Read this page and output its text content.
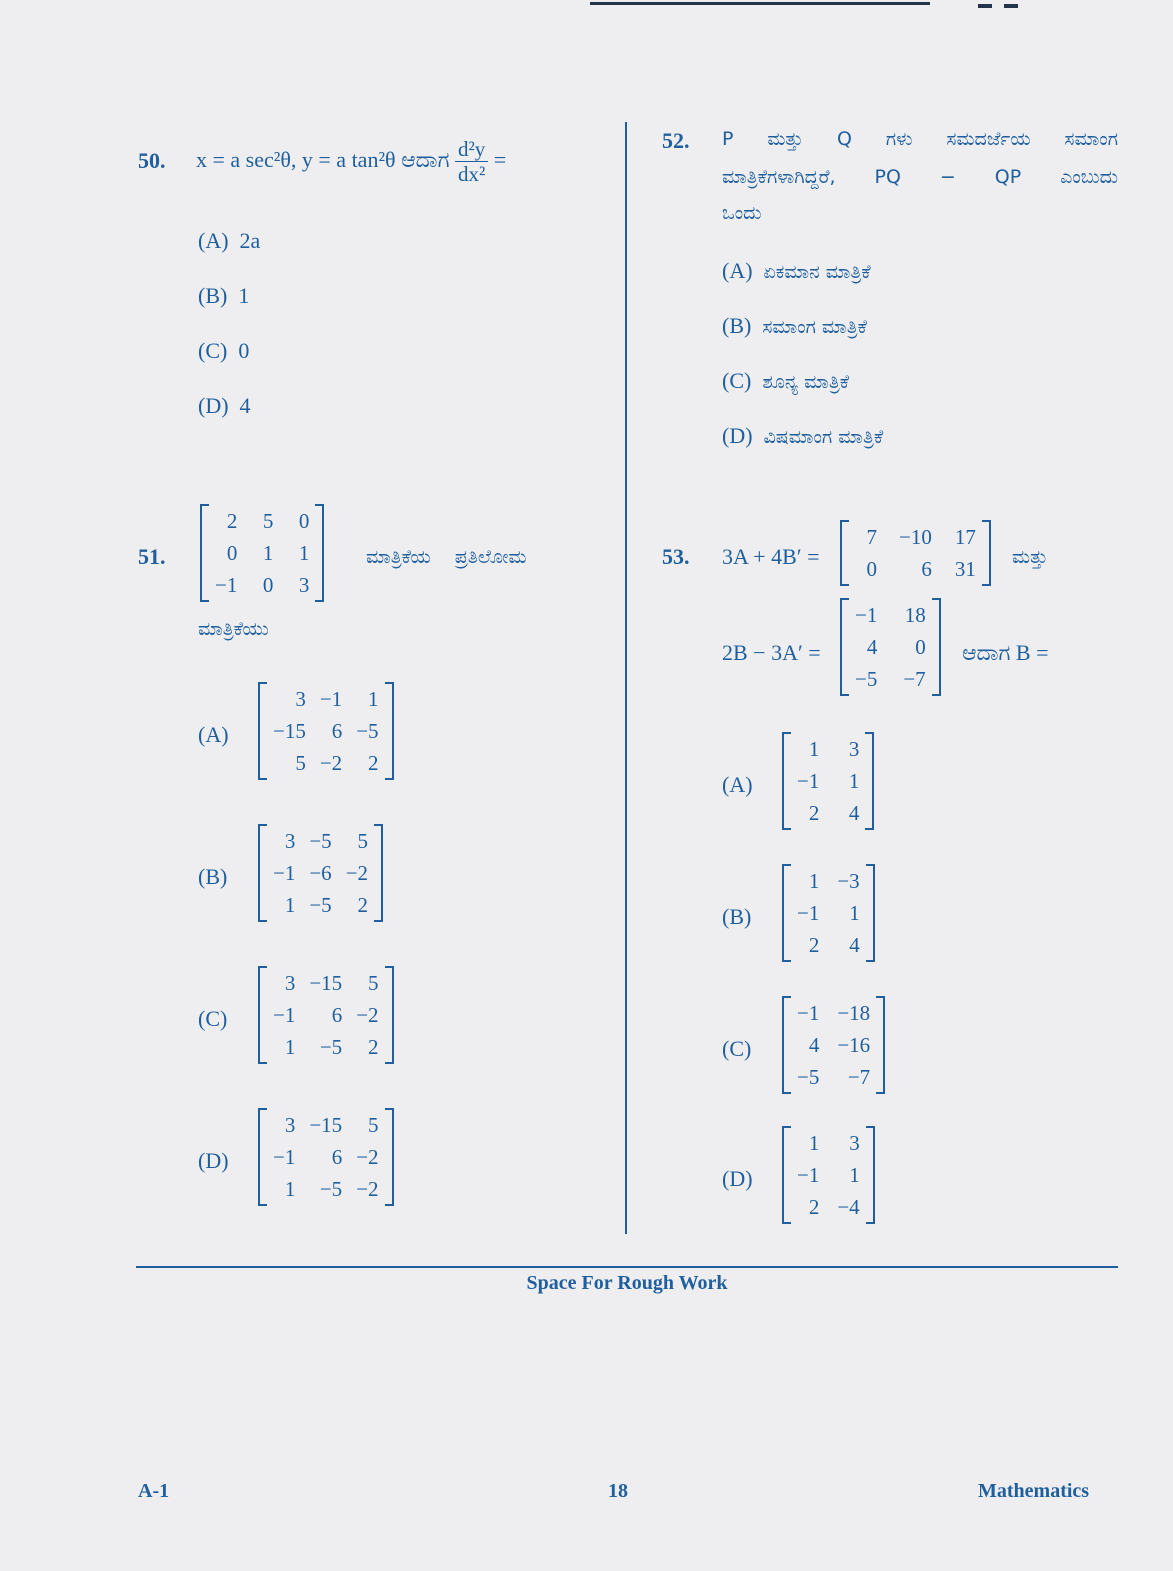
50. x = a sec²θ, y = a tan²θ ಆದಾಗ $\frac{\text{d²y}}{\text{dx²}}$ =
(A) 2a
(B) 1
(C) 0
(D) 4
51.
2	5	0
0	1	1
−1	0	3
ಮಾತ್ರಿಕೆಯ ಪ್ರತಿಲೋಮ
ಮಾತ್ರಿಕೆಯು
(A)
3 −1	1
−15	6 −5
5 −2	2
(B)
3 −5	5
−1 −6 −2
1 −5	2
(C)
3 −15	5
−1	6 −2
1	−5	2
(D)
3 −15	5
−1	6 −2
1	−5 −2
52. P ಮತ್ತು Q ಗಳು ಸಮದರ್ಜೆಯ ಸಮಾಂಗ
ಮಾತ್ರಿಕೆಗಳಾಗಿದ್ದರೆ, PQ − QP ಎಂಬುದು
ಒಂದು
(A) ಏಕಮಾನ ಮಾತ್ರಿಕೆ
(B) ಸಮಾಂಗ ಮಾತ್ರಿಕೆ
(C) ಶೂನ್ಯ ಮಾತ್ರಿಕೆ
(D) ವಿಷಮಾಂಗ ಮಾತ್ರಿಕೆ
53. 3A + 4B′ =
7 −10 17
0	6 31 ಮತ್ತು
2B − 3A′ =
−1 18
4	0
−5 −7
ಆದಾಗ B =
(A)
1	3
−1	1
2	4
(B)
1 −3
−1	1
2	4
(C)
−1 −18
4 −16
−5	−7
(D)
1	3
−1	1
2 −4
Space For Rough Work
A-1	18	Mathematics
